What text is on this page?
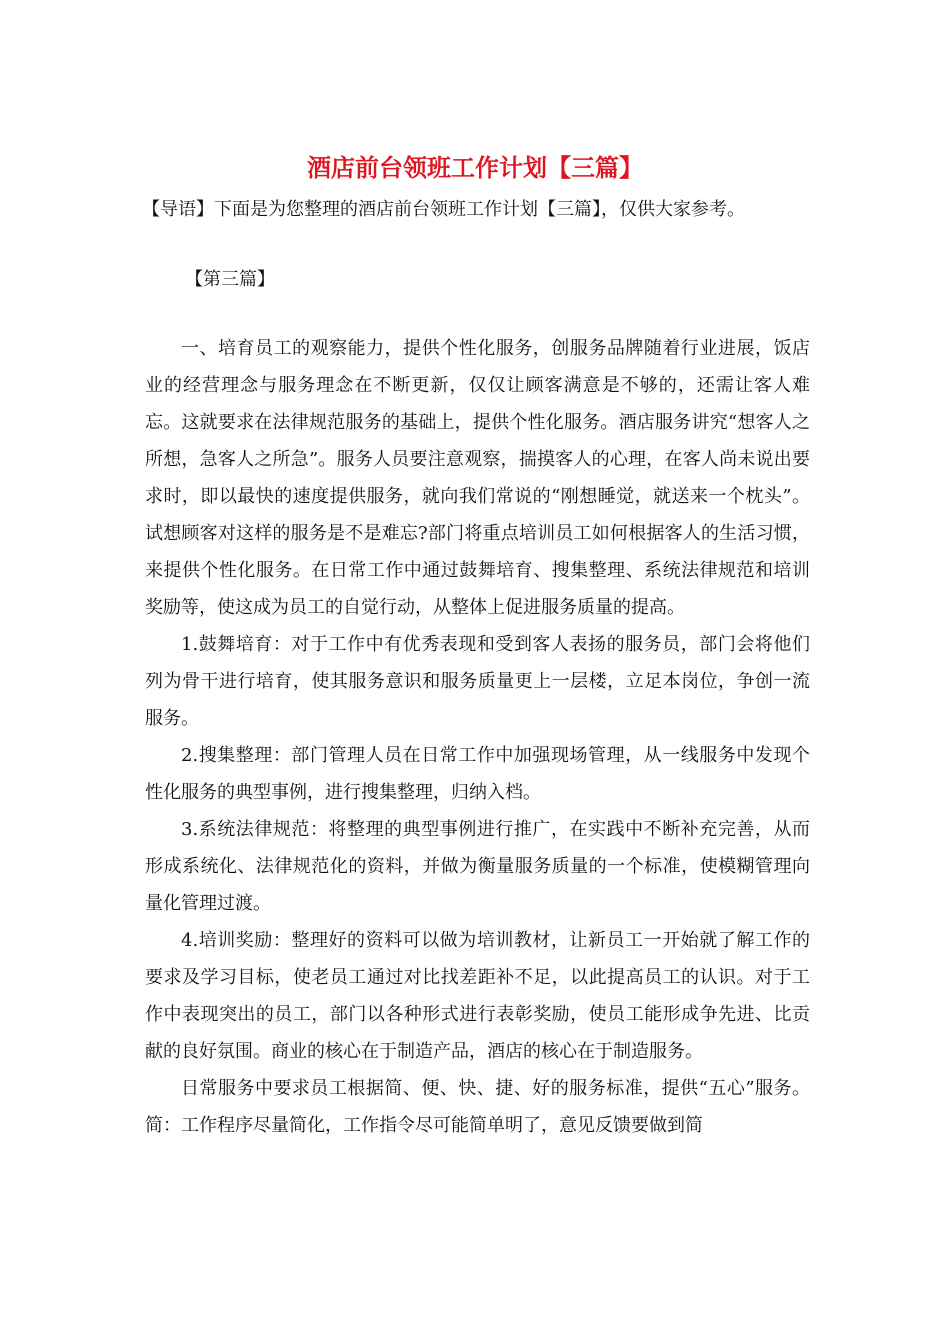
酒店前台领班工作计划【三篇】

【导语】下面是为您整理的酒店前台领班工作计划【三篇】，仅供大家参考。

【第三篇】

一、培育员工的观察能力，提供个性化服务，创服务品牌随着行业进展，饭店业的经营理念与服务理念在不断更新，仅仅让顾客满意是不够的，还需让客人难忘。这就要求在法律规范服务的基础上，提供个性化服务。酒店服务讲究“想客人之所想，急客人之所急”。服务人员要注意观察，揣摸客人的心理，在客人尚未说出要求时，即以最快的速度提供服务，就向我们常说的“刚想睡觉，就送来一个枕头”。试想顾客对这样的服务是不是难忘?部门将重点培训员工如何根据客人的生活习惯，来提供个性化服务。在日常工作中通过鼓舞培育、搜集整理、系统法律规范和培训奖励等，使这成为员工的自觉行动，从整体上促进服务质量的提高。

1.鼓舞培育：对于工作中有优秀表现和受到客人表扬的服务员，部门会将他们列为骨干进行培育，使其服务意识和服务质量更上一层楼，立足本岗位，争创一流服务。

2.搜集整理：部门管理人员在日常工作中加强现场管理，从一线服务中发现个性化服务的典型事例，进行搜集整理，归纳入档。

3.系统法律规范：将整理的典型事例进行推广，在实践中不断补充完善，从而形成系统化、法律规范化的资料，并做为衡量服务质量的一个标准，使模糊管理向量化管理过渡。

4.培训奖励：整理好的资料可以做为培训教材，让新员工一开始就了解工作的要求及学习目标，使老员工通过对比找差距补不足，以此提高员工的认识。对于工作中表现突出的员工，部门以各种形式进行表彰奖励，使员工能形成争先进、比贡献的良好氛围。商业的核心在于制造产品，酒店的核心在于制造服务。

日常服务中要求员工根据简、便、快、捷、好的服务标准，提供“五心”服务。简：工作程序尽量简化，工作指令尽可能简单明了，意见反馈要做到简
